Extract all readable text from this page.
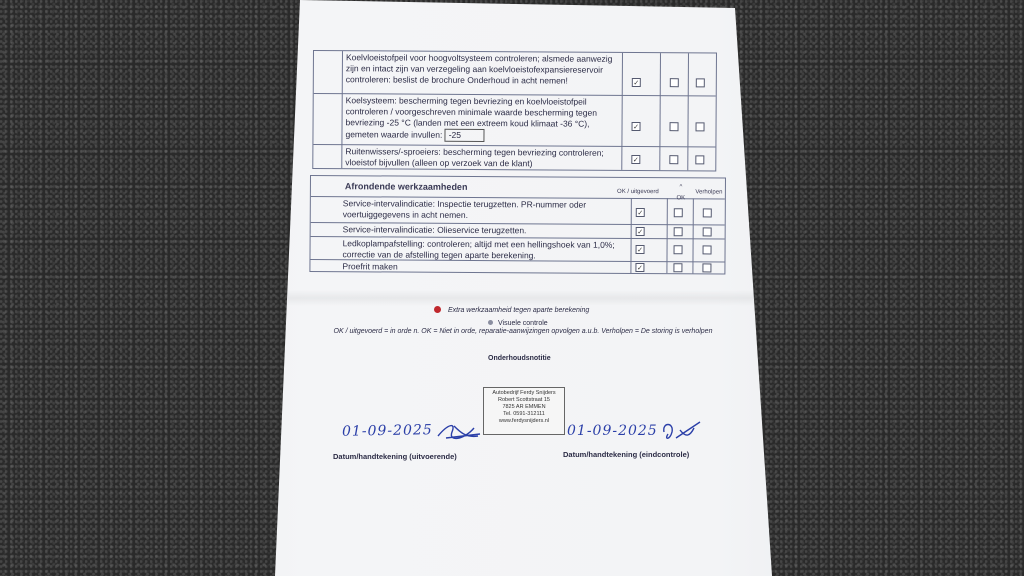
Koelvloeistofpeil voor hoogvoltsysteem controleren; alsmede aanwezig zijn en intact zijn van verzegeling aan koelvloeistofexpansiereservoir controleren: beslist de brochure Onderhoud in acht nemen!
✓
Koelsysteem: bescherming tegen bevriezing en koelvloeistofpeil controleren / voorgeschreven minimale waarde bescherming tegen bevriezing -25 °C (landen met een extreem koud klimaat -36 °C), gemeten waarde invullen: -25
✓
Ruitenwissers/-sproeiers: bescherming tegen bevriezing controleren; vloeistof bijvullen (alleen op verzoek van de klant)
✓
Afrondende werkzaamheden
OK / uitgevoerd
^
OK
Verholpen
Service-intervalindicatie: Inspectie terugzetten. PR-nummer oder voertuiggegevens in acht nemen.
✓
Service-intervalindicatie: Olieservice terugzetten.
✓
Ledkoplampafstelling: controleren; altijd met een hellingshoek van 1,0%; correctie van de afstelling tegen aparte berekening.
✓
Proefrit maken
✓
Extra werkzaamheid tegen aparte berekening
Visuele controle
OK / uitgevoerd = in orde n. OK = Niet in orde, reparatie-aanwijzingen opvolgen a.u.b. Verholpen = De storing is verholpen
Onderhoudsnotitie
Autobedrijf Ferdy Snijders
Robert Scottstraat 15
7825 AR EMMEN
Tel. 0591-312111
www.ferdysnijders.nl
01-09-2025
Datum/handtekening (uitvoerende)
01-09-2025
Datum/handtekening (eindcontrole)
